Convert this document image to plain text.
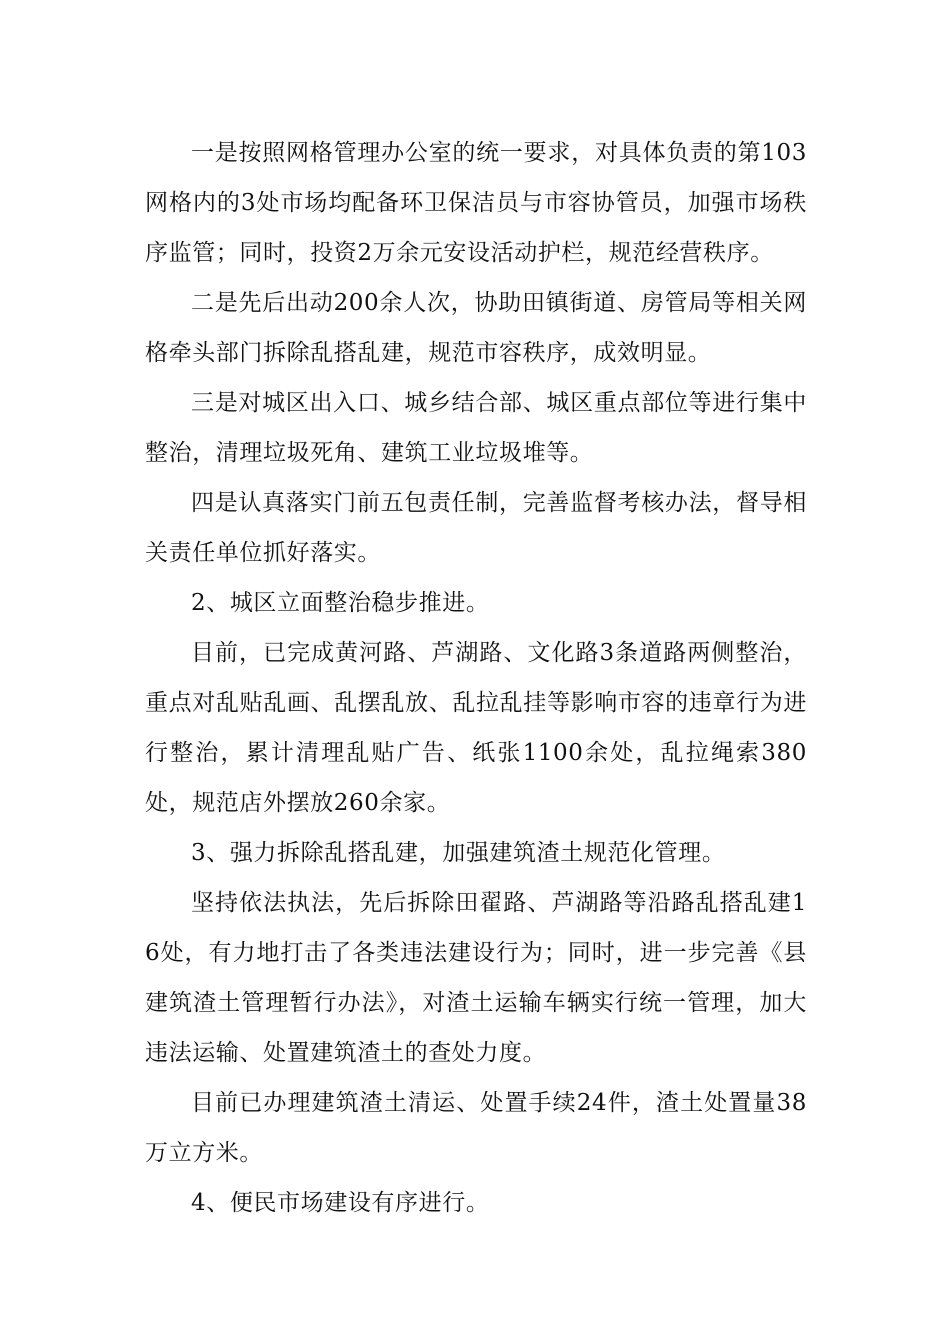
一是按照网格管理办公室的统一要求，对具体负责的第103网格内的3处市场均配备环卫保洁员与市容协管员，加强市场秩序监管；同时，投资2万余元安设活动护栏，规范经营秩序。

二是先后出动200余人次，协助田镇街道、房管局等相关网格牵头部门拆除乱搭乱建，规范市容秩序，成效明显。

三是对城区出入口、城乡结合部、城区重点部位等进行集中整治，清理垃圾死角、建筑工业垃圾堆等。

四是认真落实门前五包责任制，完善监督考核办法，督导相关责任单位抓好落实。

2、城区立面整治稳步推进。

目前，已完成黄河路、芦湖路、文化路3条道路两侧整治，重点对乱贴乱画、乱摆乱放、乱拉乱挂等影响市容的违章行为进行整治，累计清理乱贴广告、纸张1100余处，乱拉绳索380处，规范店外摆放260余家。

3、强力拆除乱搭乱建，加强建筑渣土规范化管理。

坚持依法执法，先后拆除田翟路、芦湖路等沿路乱搭乱建16处，有力地打击了各类违法建设行为；同时，进一步完善《县建筑渣土管理暂行办法》，对渣土运输车辆实行统一管理，加大违法运输、处置建筑渣土的查处力度。

目前已办理建筑渣土清运、处置手续24件，渣土处置量38万立方米。

4、便民市场建设有序进行。
